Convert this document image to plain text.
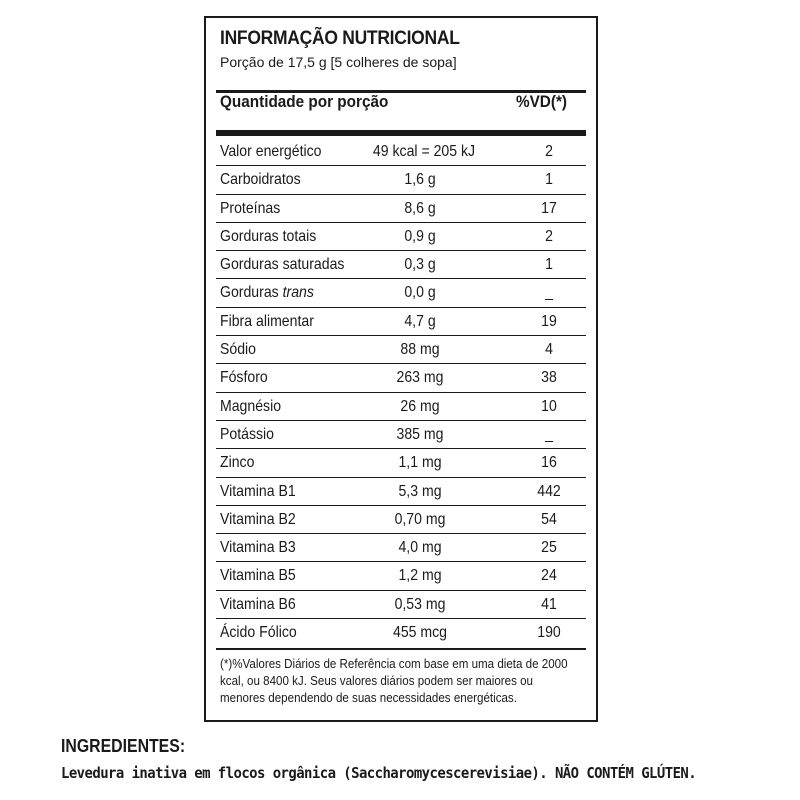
INFORMAÇÃO NUTRICIONAL
Porção de 17,5 g [5 colheres de sopa]
Quantidade por porção	%VD(*)
Valor energético	49 kcal = 205 kJ	2
Carboidratos	1,6 g	1
Proteínas	8,6 g	17
Gorduras totais	0,9 g	2
Gorduras saturadas	0,3 g	1
Gorduras trans	0,0 g	_
Fibra alimentar	4,7 g	19
Sódio	88 mg	4
Fósforo	263 mg	38
Magnésio	26 mg	10
Potássio	385 mg	_
Zinco	1,1 mg	16
Vitamina B1	5,3 mg	442
Vitamina B2	0,70 mg	54
Vitamina B3	4,0 mg	25
Vitamina B5	1,2 mg	24
Vitamina B6	0,53 mg	41
Ácido Fólico	455 mcg	190
(*)%Valores Diários de Referência com base em uma dieta de 2000 kcal, ou 8400 kJ. Seus valores diários podem ser maiores ou menores dependendo de suas necessidades energéticas.
INGREDIENTES:
Levedura inativa em flocos orgânica (Saccharomycescerevisiae). NÃO CONTÉM GLÚTEN.
